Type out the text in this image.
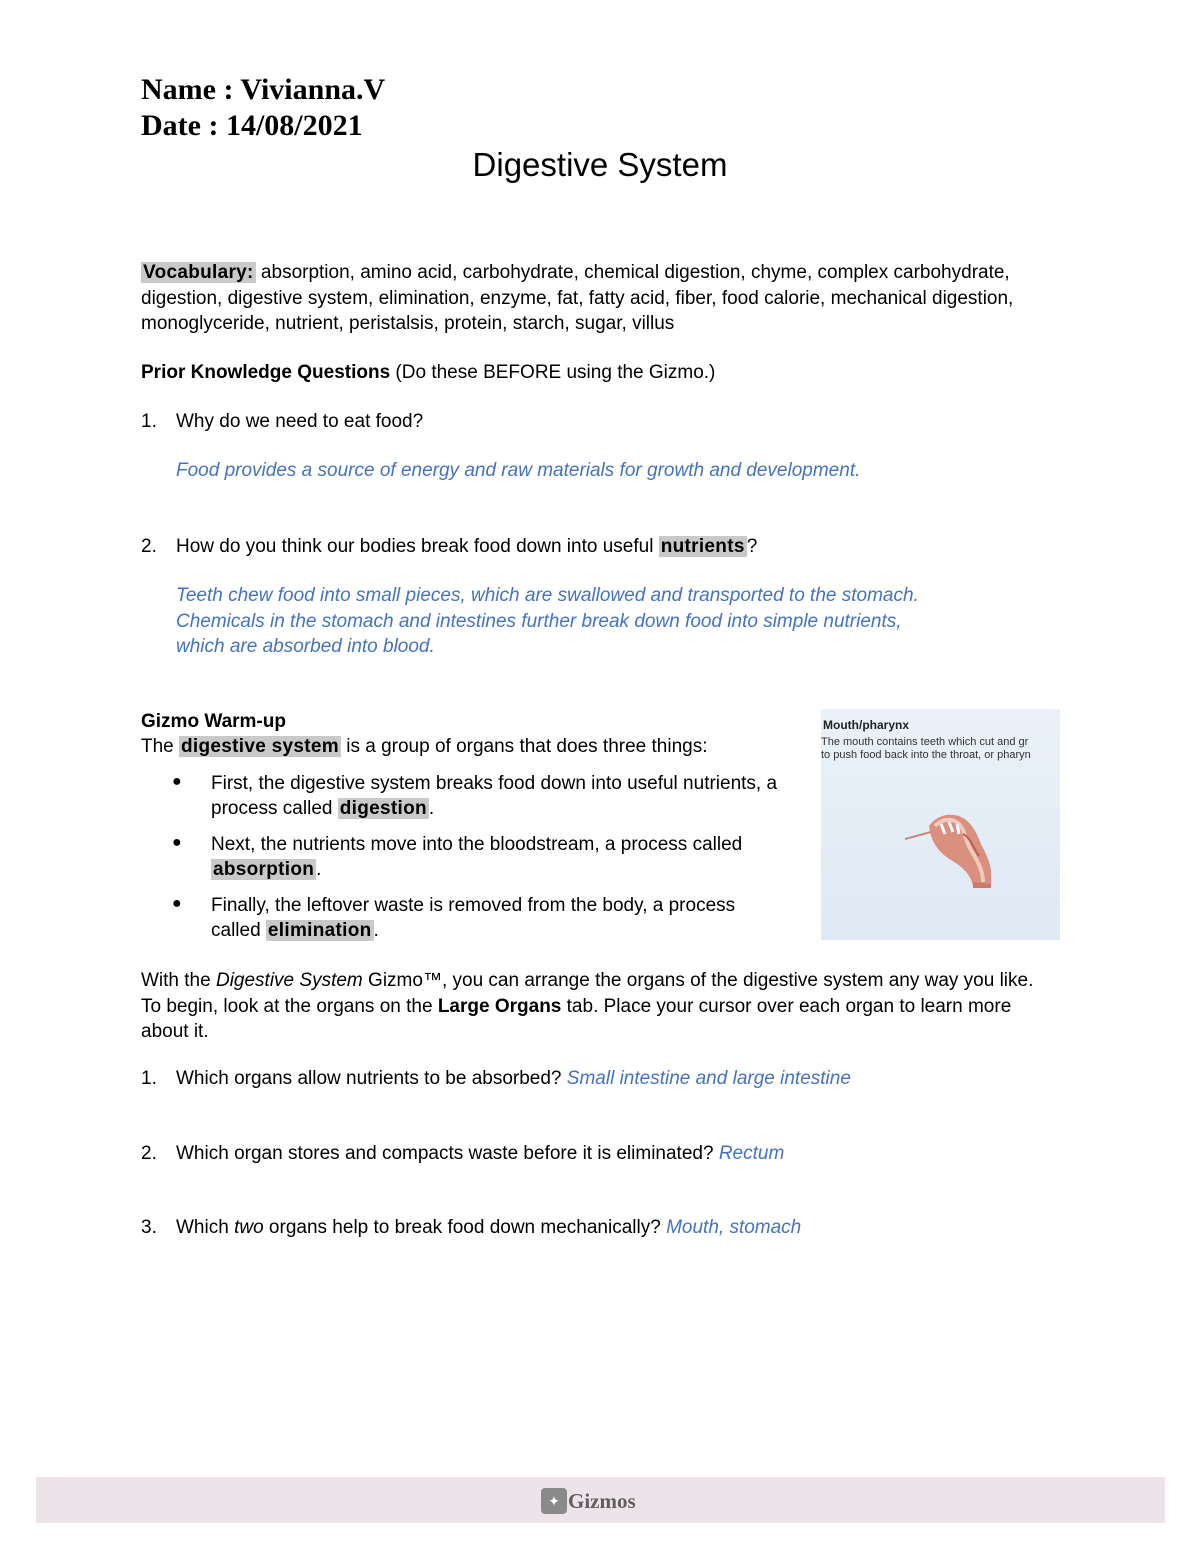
Name : Vivianna.V
Date : 14/08/2021
Digestive System
Vocabulary: absorption, amino acid, carbohydrate, chemical digestion, chyme, complex carbohydrate, digestion, digestive system, elimination, enzyme, fat, fatty acid, fiber, food calorie, mechanical digestion, monoglyceride, nutrient, peristalsis, protein, starch, sugar, villus
Prior Knowledge Questions (Do these BEFORE using the Gizmo.)
1.	Why do we need to eat food?
Food provides a source of energy and raw materials for growth and development.
2.	How do you think our bodies break food down into useful nutrients ?
Teeth chew food into small pieces, which are swallowed and transported to the stomach.
Chemicals in the stomach and intestines further break down food into simple nutrients,
which are absorbed into blood.
Gizmo Warm-up
The digestive system is a group of organs that does three things:
● First, the digestive system breaks food down into useful nutrients, a process called digestion .
● Next, the nutrients move into the bloodstream, a process called absorption .
● Finally, the leftover waste is removed from the body, a process called elimination .
Mouth/pharynx
The mouth contains teeth which cut and gr
to push food back into the throat, or pharyn
With the Digestive System Gizmo™, you can arrange the organs of the digestive system any way you like. To begin, look at the organs on the Large Organs tab. Place your cursor over each organ to learn more about it.
1.	Which organs allow nutrients to be absorbed? Small intestine and large intestine
2.	Which organ stores and compacts waste before it is eliminated? Rectum
3.	Which two organs help to break food down mechanically? Mouth, stomach
✦ Gizmos
